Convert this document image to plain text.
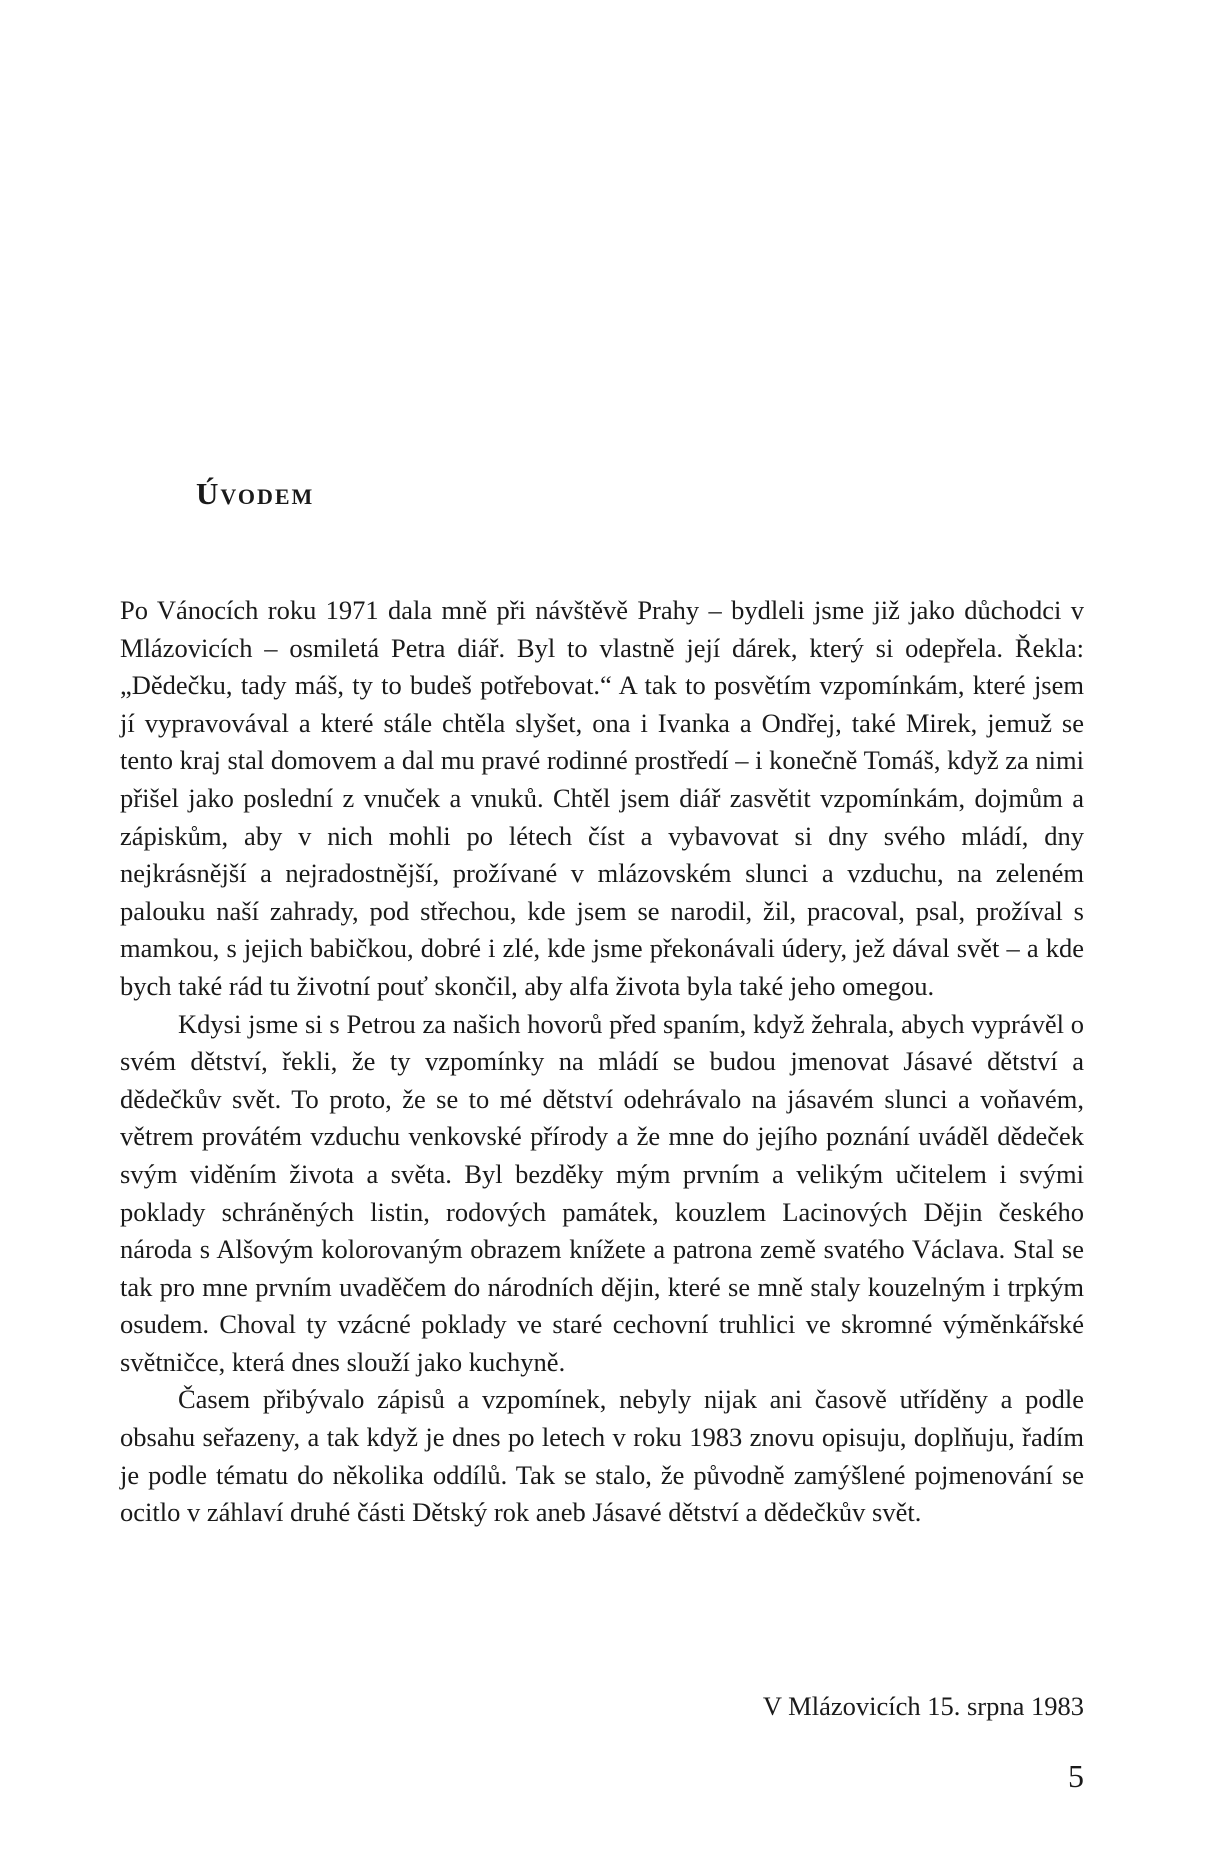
Úvodem

Po Vánocích roku 1971 dala mně při návštěvě Prahy – bydleli jsme již jako důchodci v Mlázovicích – osmiletá Petra diář. Byl to vlastně její dárek, který si odepřela. Řekla: „Dědečku, tady máš, ty to budeš potřebovat.“ A tak to posvětím vzpomínkám, které jsem jí vypravovával a které stále chtěla slyšet, ona i Ivanka a Ondřej, také Mirek, jemuž se tento kraj stal domovem a dal mu pravé rodinné prostředí – i konečně Tomáš, když za nimi přišel jako poslední z vnuček a vnuků. Chtěl jsem diář zasvětit vzpomínkám, dojmům a zápiskům, aby v nich mohli po létech číst a vybavovat si dny svého mládí, dny nejkrásnější a nejradostnější, prožívané v mlázovském slunci a vzduchu, na zeleném palouku naší zahrady, pod střechou, kde jsem se narodil, žil, pracoval, psal, prožíval s mamkou, s jejich babičkou, dobré i zlé, kde jsme překonávali údery, jež dával svět – a kde bych také rád tu životní pouť skončil, aby alfa života byla také jeho omegou.

Kdysi jsme si s Petrou za našich hovorů před spaním, když žehrala, abych vyprávěl o svém dětství, řekli, že ty vzpomínky na mládí se budou jmenovat Jásavé dětství a dědečkův svět. To proto, že se to mé dětství odehrávalo na jásavém slunci a voňavém, větrem provátém vzduchu venkovské přírody a že mne do jejího poznání uváděl dědeček svým viděním života a světa. Byl bezděky mým prvním a velikým učitelem i svými poklady schráněných listin, rodových památek, kouzlem Lacinových Dějin českého národa s Alšovým kolorovaným obrazem knížete a patrona země svatého Václava. Stal se tak pro mne prvním uvaděčem do národních dějin, které se mně staly kouzelným i trpkým osudem. Choval ty vzácné poklady ve staré cechovní truhlici ve skromné výměnkářské světničce, která dnes slouží jako kuchyně.

Časem přibývalo zápisů a vzpomínek, nebyly nijak ani časově utříděny a podle obsahu seřazeny, a tak když je dnes po letech v roku 1983 znovu opisuju, doplňuju, řadím je podle tématu do několika oddílů. Tak se stalo, že původně zamýšlené pojmenování se ocitlo v záhlaví druhé části Dětský rok aneb Jásavé dětství a dědečkův svět.

V Mlázovicích 15. srpna 1983

5
